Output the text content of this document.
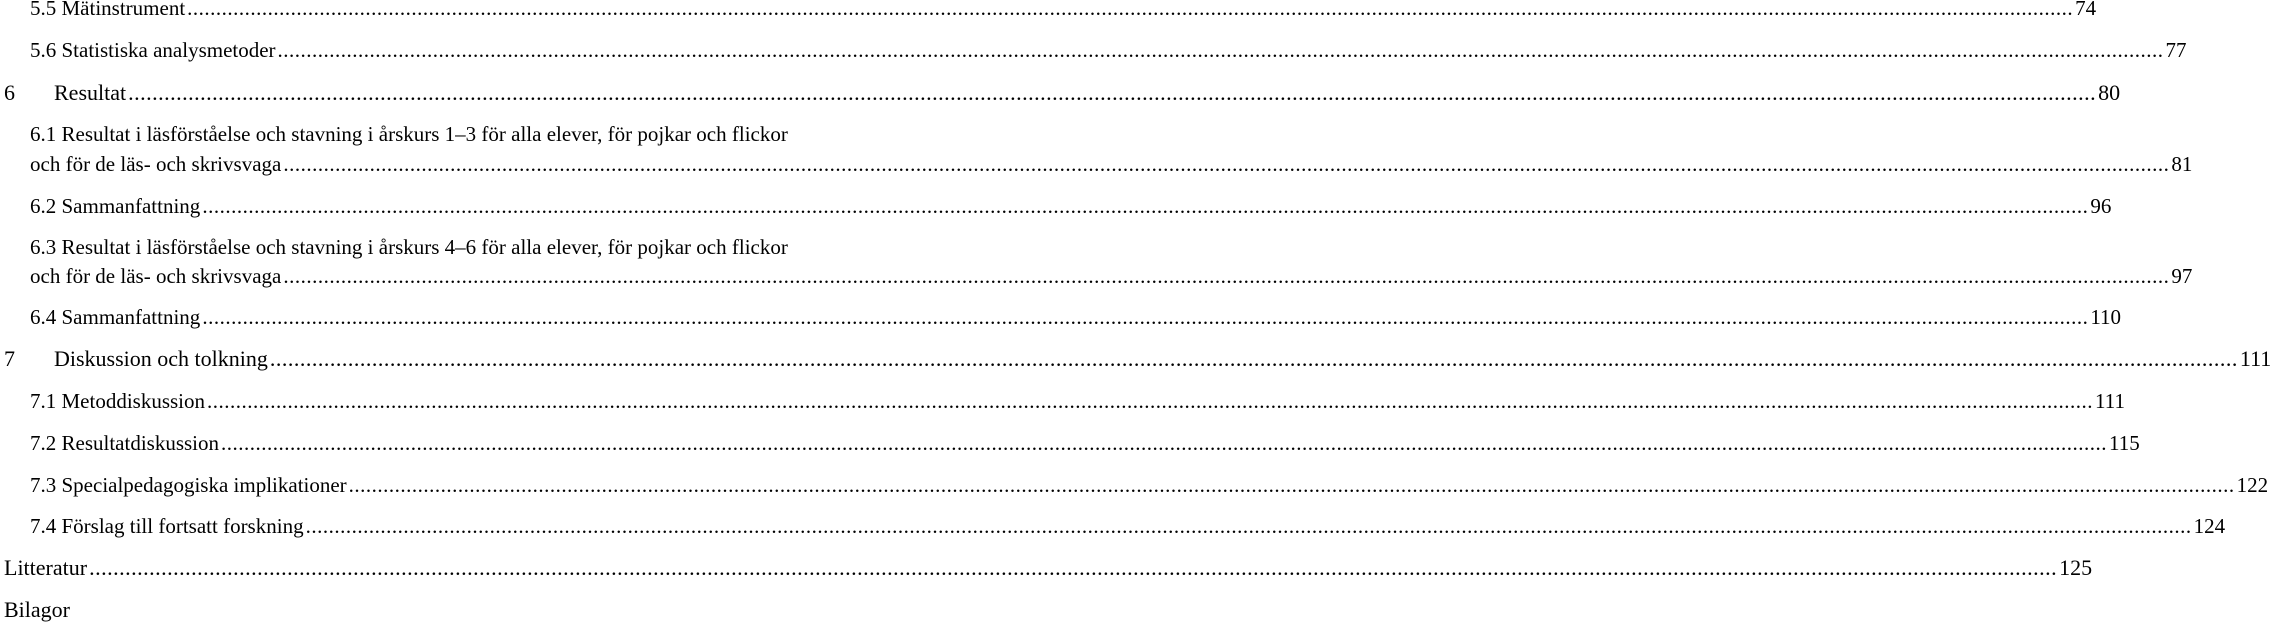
5.5 Mätinstrument ........................................................................................................................................................................................................................................................................................................................................ 74
5.6 Statistiska analysmetoder ........................................................................................................................................................................................................................................................................................................................................ 77
6 Resultat ........................................................................................................................................................................................................................................................................................................................................ 80
6.1 Resultat i läsförståelse och stavning i årskurs 1–3 för alla elever, för pojkar och flickor
och för de läs- och skrivsvaga ........................................................................................................................................................................................................................................................................................................................................ 81
6.2 Sammanfattning ........................................................................................................................................................................................................................................................................................................................................ 96
6.3 Resultat i läsförståelse och stavning i årskurs 4–6 för alla elever, för pojkar och flickor
och för de läs- och skrivsvaga ........................................................................................................................................................................................................................................................................................................................................ 97
6.4 Sammanfattning ........................................................................................................................................................................................................................................................................................................................................ 110
7 Diskussion och tolkning ........................................................................................................................................................................................................................................................................................................................................ 111
7.1 Metoddiskussion ........................................................................................................................................................................................................................................................................................................................................ 111
7.2 Resultatdiskussion ........................................................................................................................................................................................................................................................................................................................................ 115
7.3 Specialpedagogiska implikationer ........................................................................................................................................................................................................................................................................................................................................ 122
7.4 Förslag till fortsatt forskning ........................................................................................................................................................................................................................................................................................................................................ 124
Litteratur ........................................................................................................................................................................................................................................................................................................................................ 125
Bilagor
